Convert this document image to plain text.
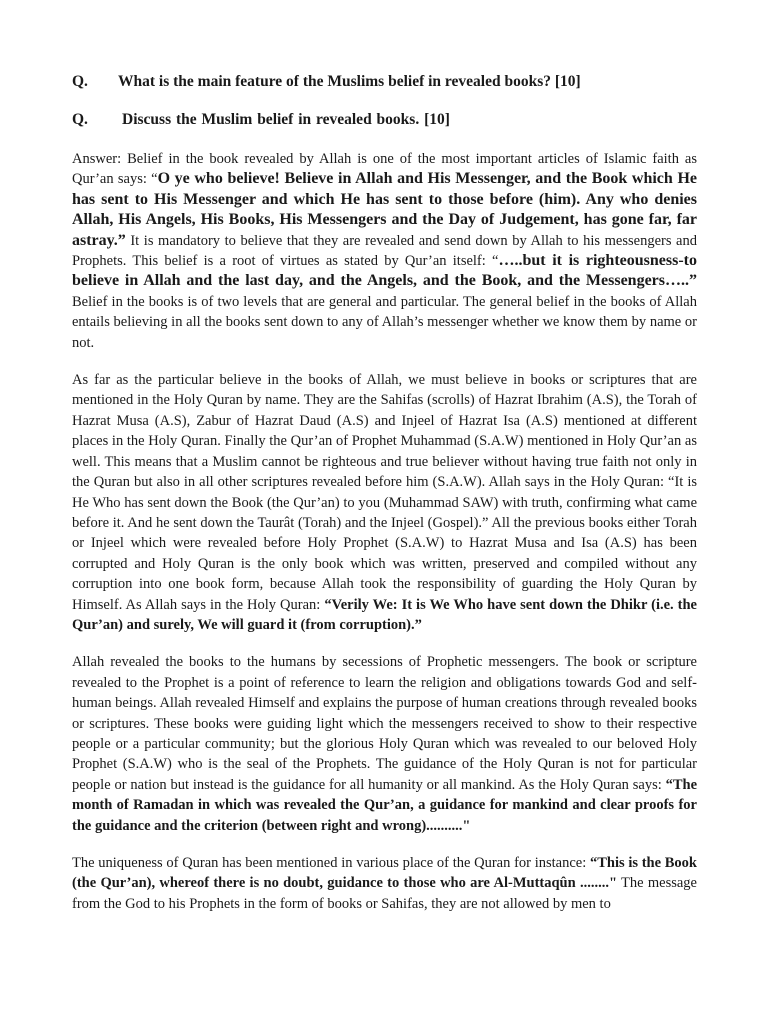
Q.	What is the main feature of the Muslims belief in revealed books? [10]
Q.	Discuss the Muslim belief in revealed books. [10]

Answer: Belief in the book revealed by Allah is one of the most important articles of Islamic faith as Qur’an says: “O ye who believe! Believe in Allah and His Messenger, and the Book which He has sent to His Messenger and which He has sent to those before (him). Any who denies Allah, His Angels, His Books, His Messengers and the Day of Judgement, has gone far, far astray.” It is mandatory to believe that they are revealed and send down by Allah to his messengers and Prophets. This belief is a root of virtues as stated by Qur’an itself: “…..but it is righteousness-to believe in Allah and the last day, and the Angels, and the Book, and the Messengers…..” Belief in the books is of two levels that are general and particular. The general belief in the books of Allah entails believing in all the books sent down to any of Allah’s messenger whether we know them by name or not.

As far as the particular believe in the books of Allah, we must believe in books or scriptures that are mentioned in the Holy Quran by name. They are the Sahifas (scrolls) of Hazrat Ibrahim (A.S), the Torah of Hazrat Musa (A.S), Zabur of Hazrat Daud (A.S) and Injeel of Hazrat Isa (A.S) mentioned at different places in the Holy Quran. Finally the Qur’an of Prophet Muhammad (S.A.W) mentioned in Holy Qur’an as well. This means that a Muslim cannot be righteous and true believer without having true faith not only in the Quran but also in all other scriptures revealed before him (S.A.W). Allah says in the Holy Quran: “It is He Who has sent down the Book (the Qur’an) to you (Muhammad SAW) with truth, confirming what came before it. And he sent down the Taurât (Torah) and the Injeel (Gospel).” All the previous books either Torah or Injeel which were revealed before Holy Prophet (S.A.W) to Hazrat Musa and Isa (A.S) has been corrupted and Holy Quran is the only book which was written, preserved and compiled without any corruption into one book form, because Allah took the responsibility of guarding the Holy Quran by Himself. As Allah says in the Holy Quran: “Verily We: It is We Who have sent down the Dhikr (i.e. the Qur’an) and surely, We will guard it (from corruption).”

Allah revealed the books to the humans by secessions of Prophetic messengers. The book or scripture revealed to the Prophet is a point of reference to learn the religion and obligations towards God and self-human beings. Allah revealed Himself and explains the purpose of human creations through revealed books or scriptures. These books were guiding light which the messengers received to show to their respective people or a particular community; but the glorious Holy Quran which was revealed to our beloved Holy Prophet (S.A.W) who is the seal of the Prophets. The guidance of the Holy Quran is not for particular people or nation but instead is the guidance for all humanity or all mankind. As the Holy Quran says: “The month of Ramadan in which was revealed the Qur’an, a guidance for mankind and clear proofs for the guidance and the criterion (between right and wrong).........."

The uniqueness of Quran has been mentioned in various place of the Quran for instance: “This is the Book (the Qur’an), whereof there is no doubt, guidance to those who are Al-Muttaqûn ........" The message from the God to his Prophets in the form of books or Sahifas, they are not allowed by men to
